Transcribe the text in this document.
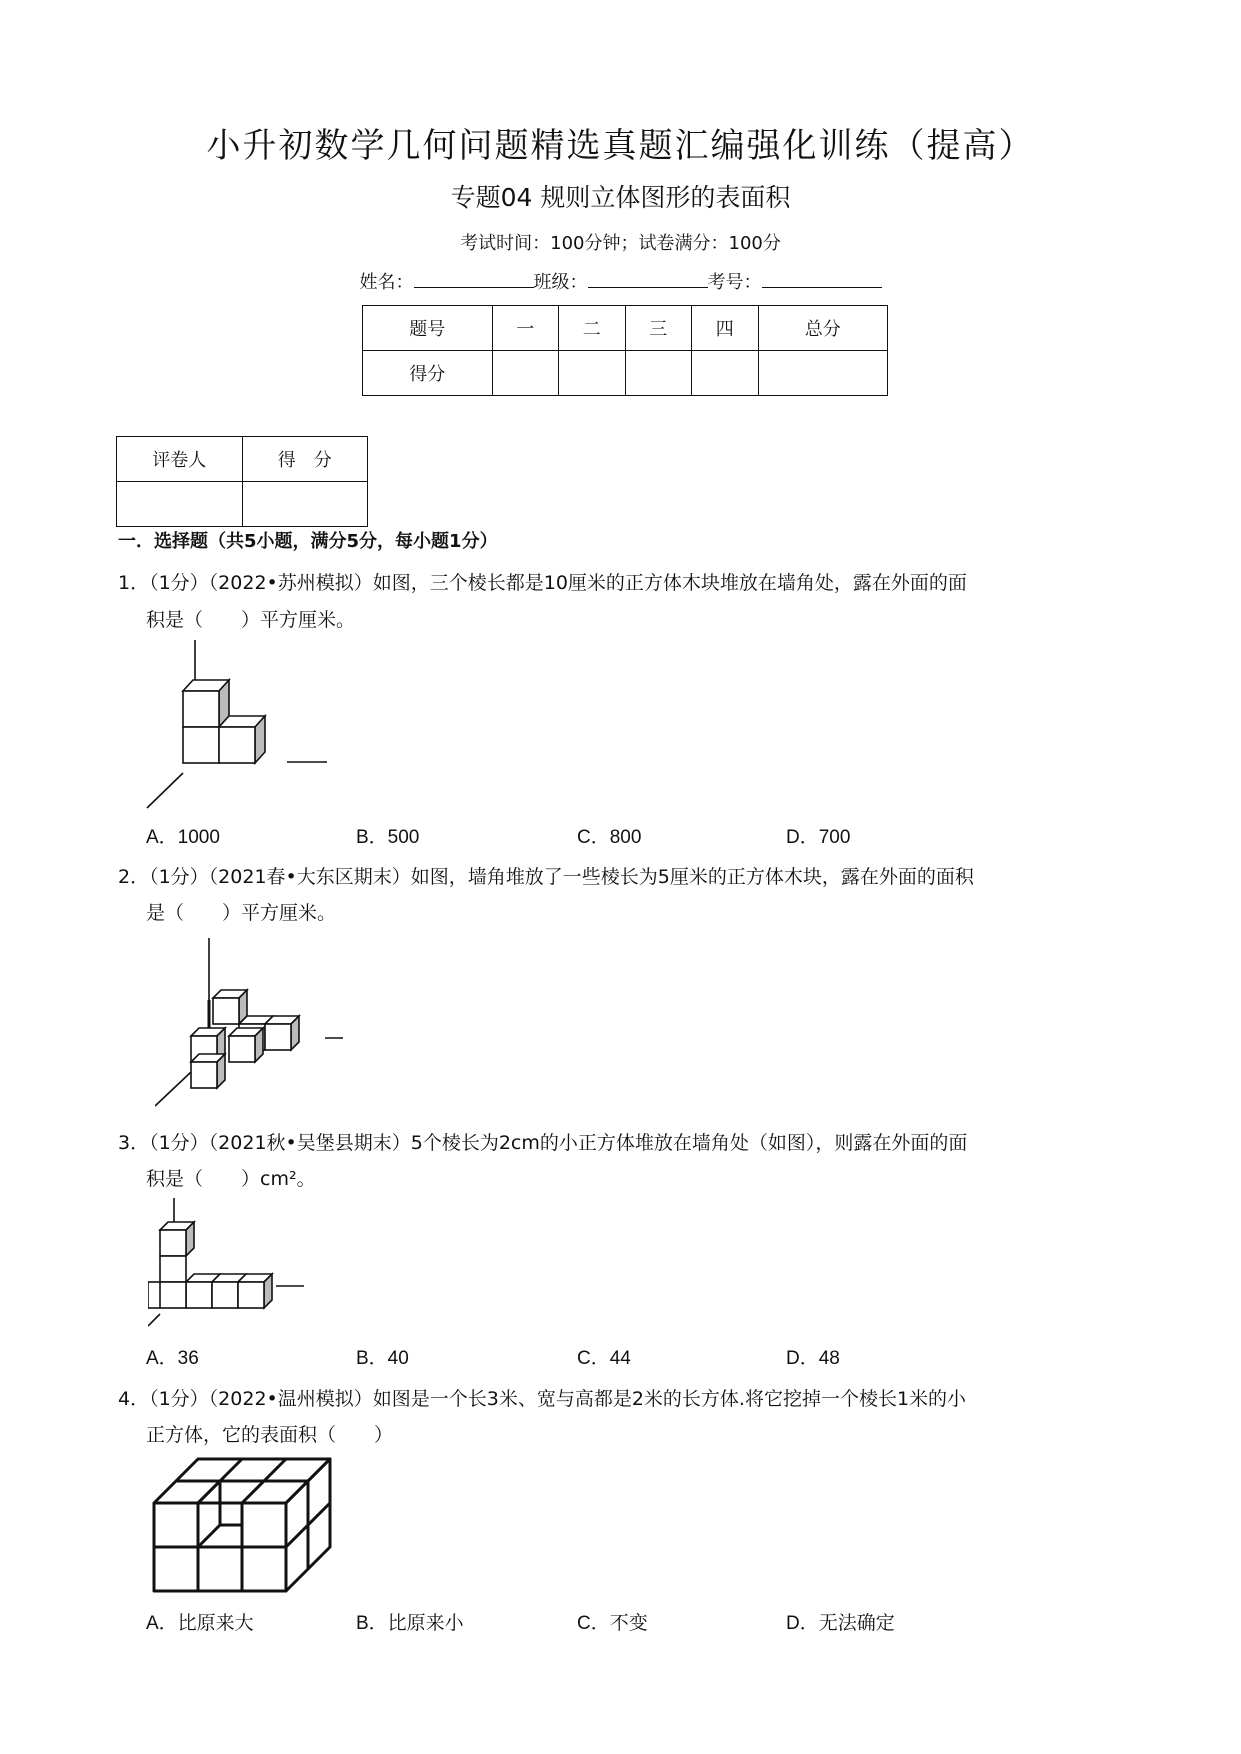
小升初数学几何问题精选真题汇编强化训练（提高）
专题04 规则立体图形的表面积
考试时间：100分钟；试卷满分：100分
姓名：	班级：	考号：
题号	一	二	三	四	总分
得分					
评卷人	得　分

一．选择题（共5小题，满分5分，每小题1分）
1．（1分）（2022•苏州模拟）如图，三个棱长都是10厘米的正方体木块堆放在墙角处，露在外面的面
积是（　　）平方厘米。
A．1000	B．500	C．800	D．700
2．（1分）（2021春•大东区期末）如图，墙角堆放了一些棱长为5厘米的正方体木块，露在外面的面积
是（　　）平方厘米。
3．（1分）（2021秋•吴堡县期末）5个棱长为2cm的小正方体堆放在墙角处（如图），则露在外面的面
积是（　　）cm²。
A．36	B．40	C．44	D．48
4．（1分）（2022•温州模拟）如图是一个长3米、宽与高都是2米的长方体.将它挖掉一个棱长1米的小
正方体，它的表面积（　　）
A．比原来大	B．比原来小	C．不变	D．无法确定
